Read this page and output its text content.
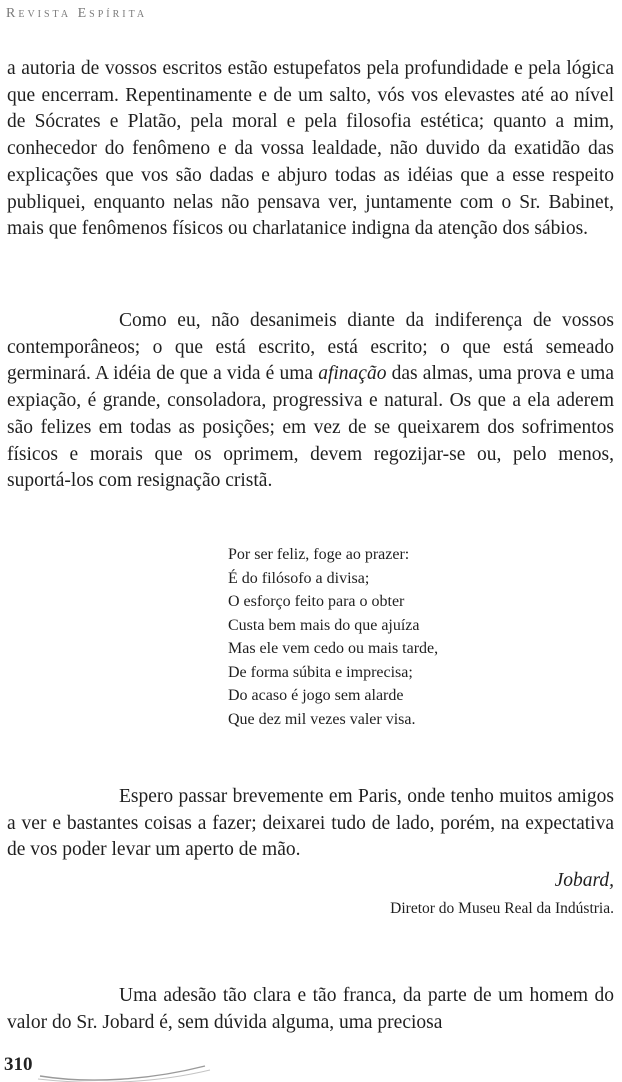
Revista Espírita
a autoria de vossos escritos estão estupefatos pela profundidade e pela lógica que encerram. Repentinamente e de um salto, vós vos elevastes até ao nível de Sócrates e Platão, pela moral e pela filosofia estética; quanto a mim, conhecedor do fenômeno e da vossa lealdade, não duvido da exatidão das explicações que vos são dadas e abjuro todas as idéias que a esse respeito publiquei, enquanto nelas não pensava ver, juntamente com o Sr. Babinet, mais que fenômenos físicos ou charlatanice indigna da atenção dos sábios.
Como eu, não desanimeis diante da indiferença de vossos contemporâneos; o que está escrito, está escrito; o que está semeado germinará. A idéia de que a vida é uma afinação das almas, uma prova e uma expiação, é grande, consoladora, progressiva e natural. Os que a ela aderem são felizes em todas as posições; em vez de se queixarem dos sofrimentos físicos e morais que os oprimem, devem regozijar-se ou, pelo menos, suportá-los com resignação cristã.
Por ser feliz, foge ao prazer:
É do filósofo a divisa;
O esforço feito para o obter
Custa bem mais do que ajuíza
Mas ele vem cedo ou mais tarde,
De forma súbita e imprecisa;
Do acaso é jogo sem alarde
Que dez mil vezes valer visa.
Espero passar brevemente em Paris, onde tenho muitos amigos a ver e bastantes coisas a fazer; deixarei tudo de lado, porém, na expectativa de vos poder levar um aperto de mão.
Jobard,
Diretor do Museu Real da Indústria.
Uma adesão tão clara e tão franca, da parte de um homem do valor do Sr. Jobard é, sem dúvida alguma, uma preciosa
310
